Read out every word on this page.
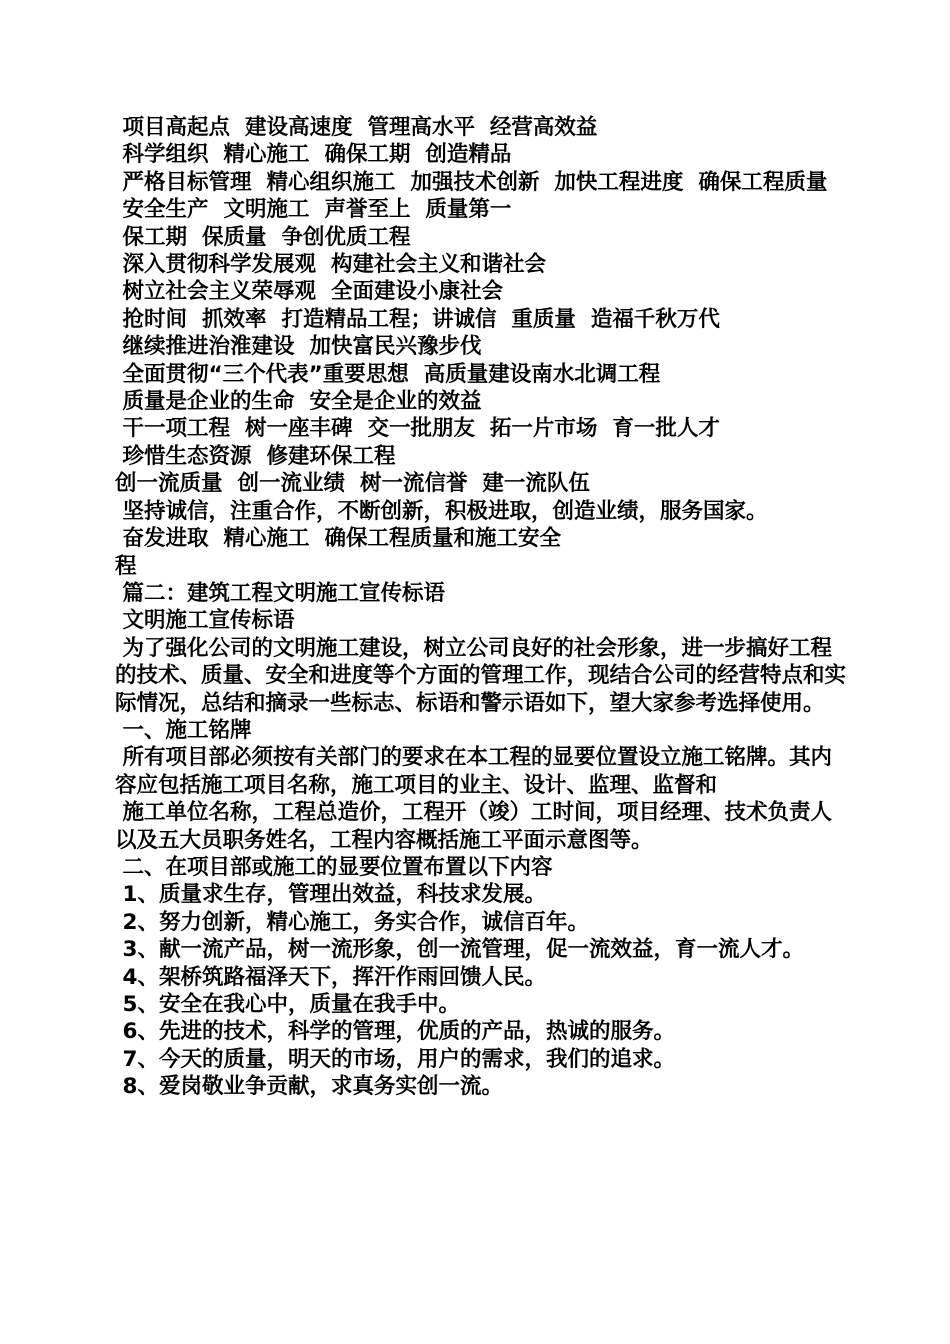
项目高起点  建设高速度  管理高水平  经营高效益

科学组织  精心施工  确保工期  创造精品

严格目标管理  精心组织施工  加强技术创新  加快工程进度  确保工程质量

安全生产  文明施工  声誉至上  质量第一

保工期  保质量  争创优质工程

深入贯彻科学发展观  构建社会主义和谐社会

树立社会主义荣辱观  全面建设小康社会

抢时间  抓效率  打造精品工程；讲诚信  重质量  造福千秋万代

继续推进治淮建设  加快富民兴豫步伐

全面贯彻“三个代表”重要思想  高质量建设南水北调工程

质量是企业的生命  安全是企业的效益

干一项工程  树一座丰碑  交一批朋友  拓一片市场  育一批人才

珍惜生态资源  修建环保工程

创一流质量  创一流业绩  树一流信誉  建一流队伍

坚持诚信，注重合作，不断创新，积极进取，创造业绩，服务国家。

奋发进取  精心施工  确保工程质量和施工安全

程

篇二：建筑工程文明施工宣传标语

文明施工宣传标语

为了强化公司的文明施工建设，树立公司良好的社会形象，进一步搞好工程的技术、质量、安全和进度等个方面的管理工作，现结合公司的经营特点和实际情况，总结和摘录一些标志、标语和警示语如下，望大家参考选择使用。

一、施工铭牌

所有项目部必须按有关部门的要求在本工程的显要位置设立施工铭牌。其内容应包括施工项目名称，施工项目的业主、设计、监理、监督和

施工单位名称，工程总造价，工程开（竣）工时间，项目经理、技术负责人以及五大员职务姓名，工程内容概括施工平面示意图等。

二、在项目部或施工的显要位置布置以下内容

1、质量求生存，管理出效益，科技求发展。

2、努力创新，精心施工，务实合作，诚信百年。

3、献一流产品，树一流形象，创一流管理，促一流效益，育一流人才。

4、架桥筑路福泽天下，挥汗作雨回馈人民。

5、安全在我心中，质量在我手中。

6、先进的技术，科学的管理，优质的产品，热诚的服务。

7、今天的质量，明天的市场，用户的需求，我们的追求。

8、爱岗敬业争贡献，求真务实创一流。
